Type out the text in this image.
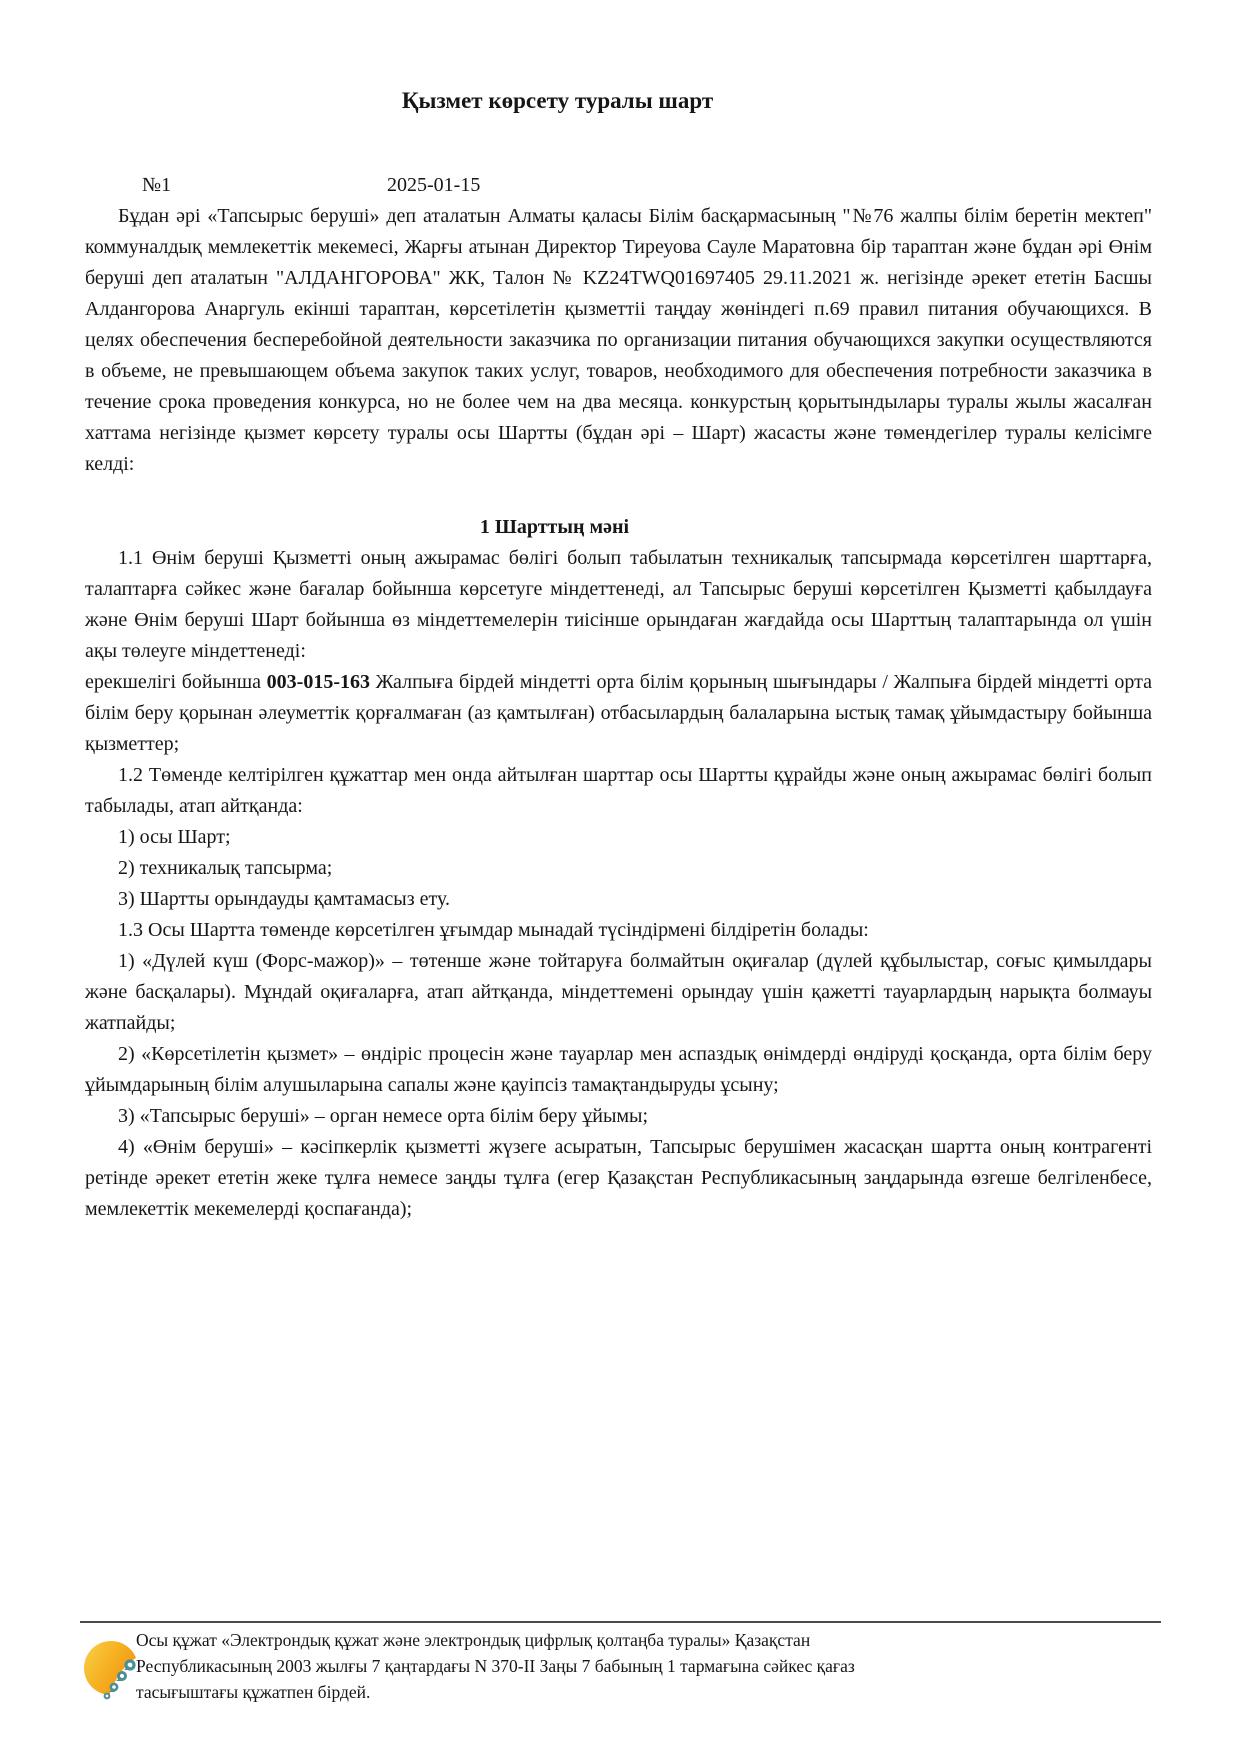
Қызмет көрсету туралы шарт
№1	2025-01-15

Бұдан әрі «Тапсырыс беруші» деп аталатын Алматы қаласы Білім басқармасының "№76 жалпы білім беретін мектеп" коммуналдық мемлекеттік мекемесі, Жарғы атынан Директор Тиреуова Сауле Маратовна бір тараптан және бұдан әрі Өнім беруші деп аталатын "АЛДАНГОРОВА" ЖК, Талон № KZ24TWQ01697405 29.11.2021 ж. негізінде әрекет ететін Басшы Алдангорова Анаргуль екінші тараптан, көрсетілетін қызметтіі таңдау жөніндегі п.69 правил питания обучающихся. В целях обеспечения бесперебойной деятельности заказчика по организации питания обучающихся закупки осуществляются в объеме, не превышающем объема закупок таких услуг, товаров, необходимого для обеспечения потребности заказчика в течение срока проведения конкурса, но не более чем на два месяца. конкурстың қорытындылары туралы жылы жасалған хаттама негізінде қызмет көрсету туралы осы Шартты (бұдан әрі – Шарт) жасасты және төмендегілер туралы келісімге келді:

1 Шарттың мәні

1.1 Өнім беруші Қызметті оның ажырамас бөлігі болып табылатын техникалық тапсырмада көрсетілген шарттарға, талаптарға сәйкес және бағалар бойынша көрсетуге міндеттенеді, ал Тапсырыс беруші көрсетілген Қызметті қабылдауға және Өнім беруші Шарт бойынша өз міндеттемелерін тиісінше орындаған жағдайда осы Шарттың талаптарында ол үшін ақы төлеуге міндеттенеді:

ерекшелігі бойынша 003-015-163 Жалпыға бірдей міндетті орта білім қорының шығындары / Жалпыға бірдей міндетті орта білім беру қорынан әлеуметтік қорғалмаған (аз қамтылған) отбасылардың балаларына ыстық тамақ ұйымдастыру бойынша қызметтер;

1.2 Төменде келтірілген құжаттар мен онда айтылған шарттар осы Шартты құрайды және оның ажырамас бөлігі болып табылады, атап айтқанда:

1) осы Шарт;

2) техникалық тапсырма;

3) Шартты орындауды қамтамасыз ету.

1.3 Осы Шартта төменде көрсетілген ұғымдар мынадай түсіндірмені білдіретін болады:

1) «Дүлей күш (Форс-мажор)» – төтенше және тойтаруға болмайтын оқиғалар (дүлей құбылыстар, соғыс қимылдары және басқалары). Мұндай оқиғаларға, атап айтқанда, міндеттемені орындау үшін қажетті тауарлардың нарықта болмауы жатпайды;

2) «Көрсетілетін қызмет» – өндіріс процесін және тауарлар мен аспаздық өнімдерді өндіруді қосқанда, орта білім беру ұйымдарының білім алушыларына сапалы және қауіпсіз тамақтандыруды ұсыну;

3) «Тапсырыс беруші» – орган немесе орта білім беру ұйымы;

4) «Өнім беруші» – кәсіпкерлік қызметті жүзеге асыратын, Тапсырыс берушімен жасасқан шартта оның контрагенті ретінде әрекет ететін жеке тұлға немесе заңды тұлға (егер Қазақстан Республикасының заңдарында өзгеше белгіленбесе, мемлекеттік мекемелерді қоспағанда);

Осы құжат «Электрондық құжат және электрондық цифрлық қолтаңба туралы» Қазақстан Республикасының 2003 жылғы 7 қаңтардағы N 370-II Заңы 7 бабының 1 тармағына сәйкес қағаз тасығыштағы құжатпен бірдей.
